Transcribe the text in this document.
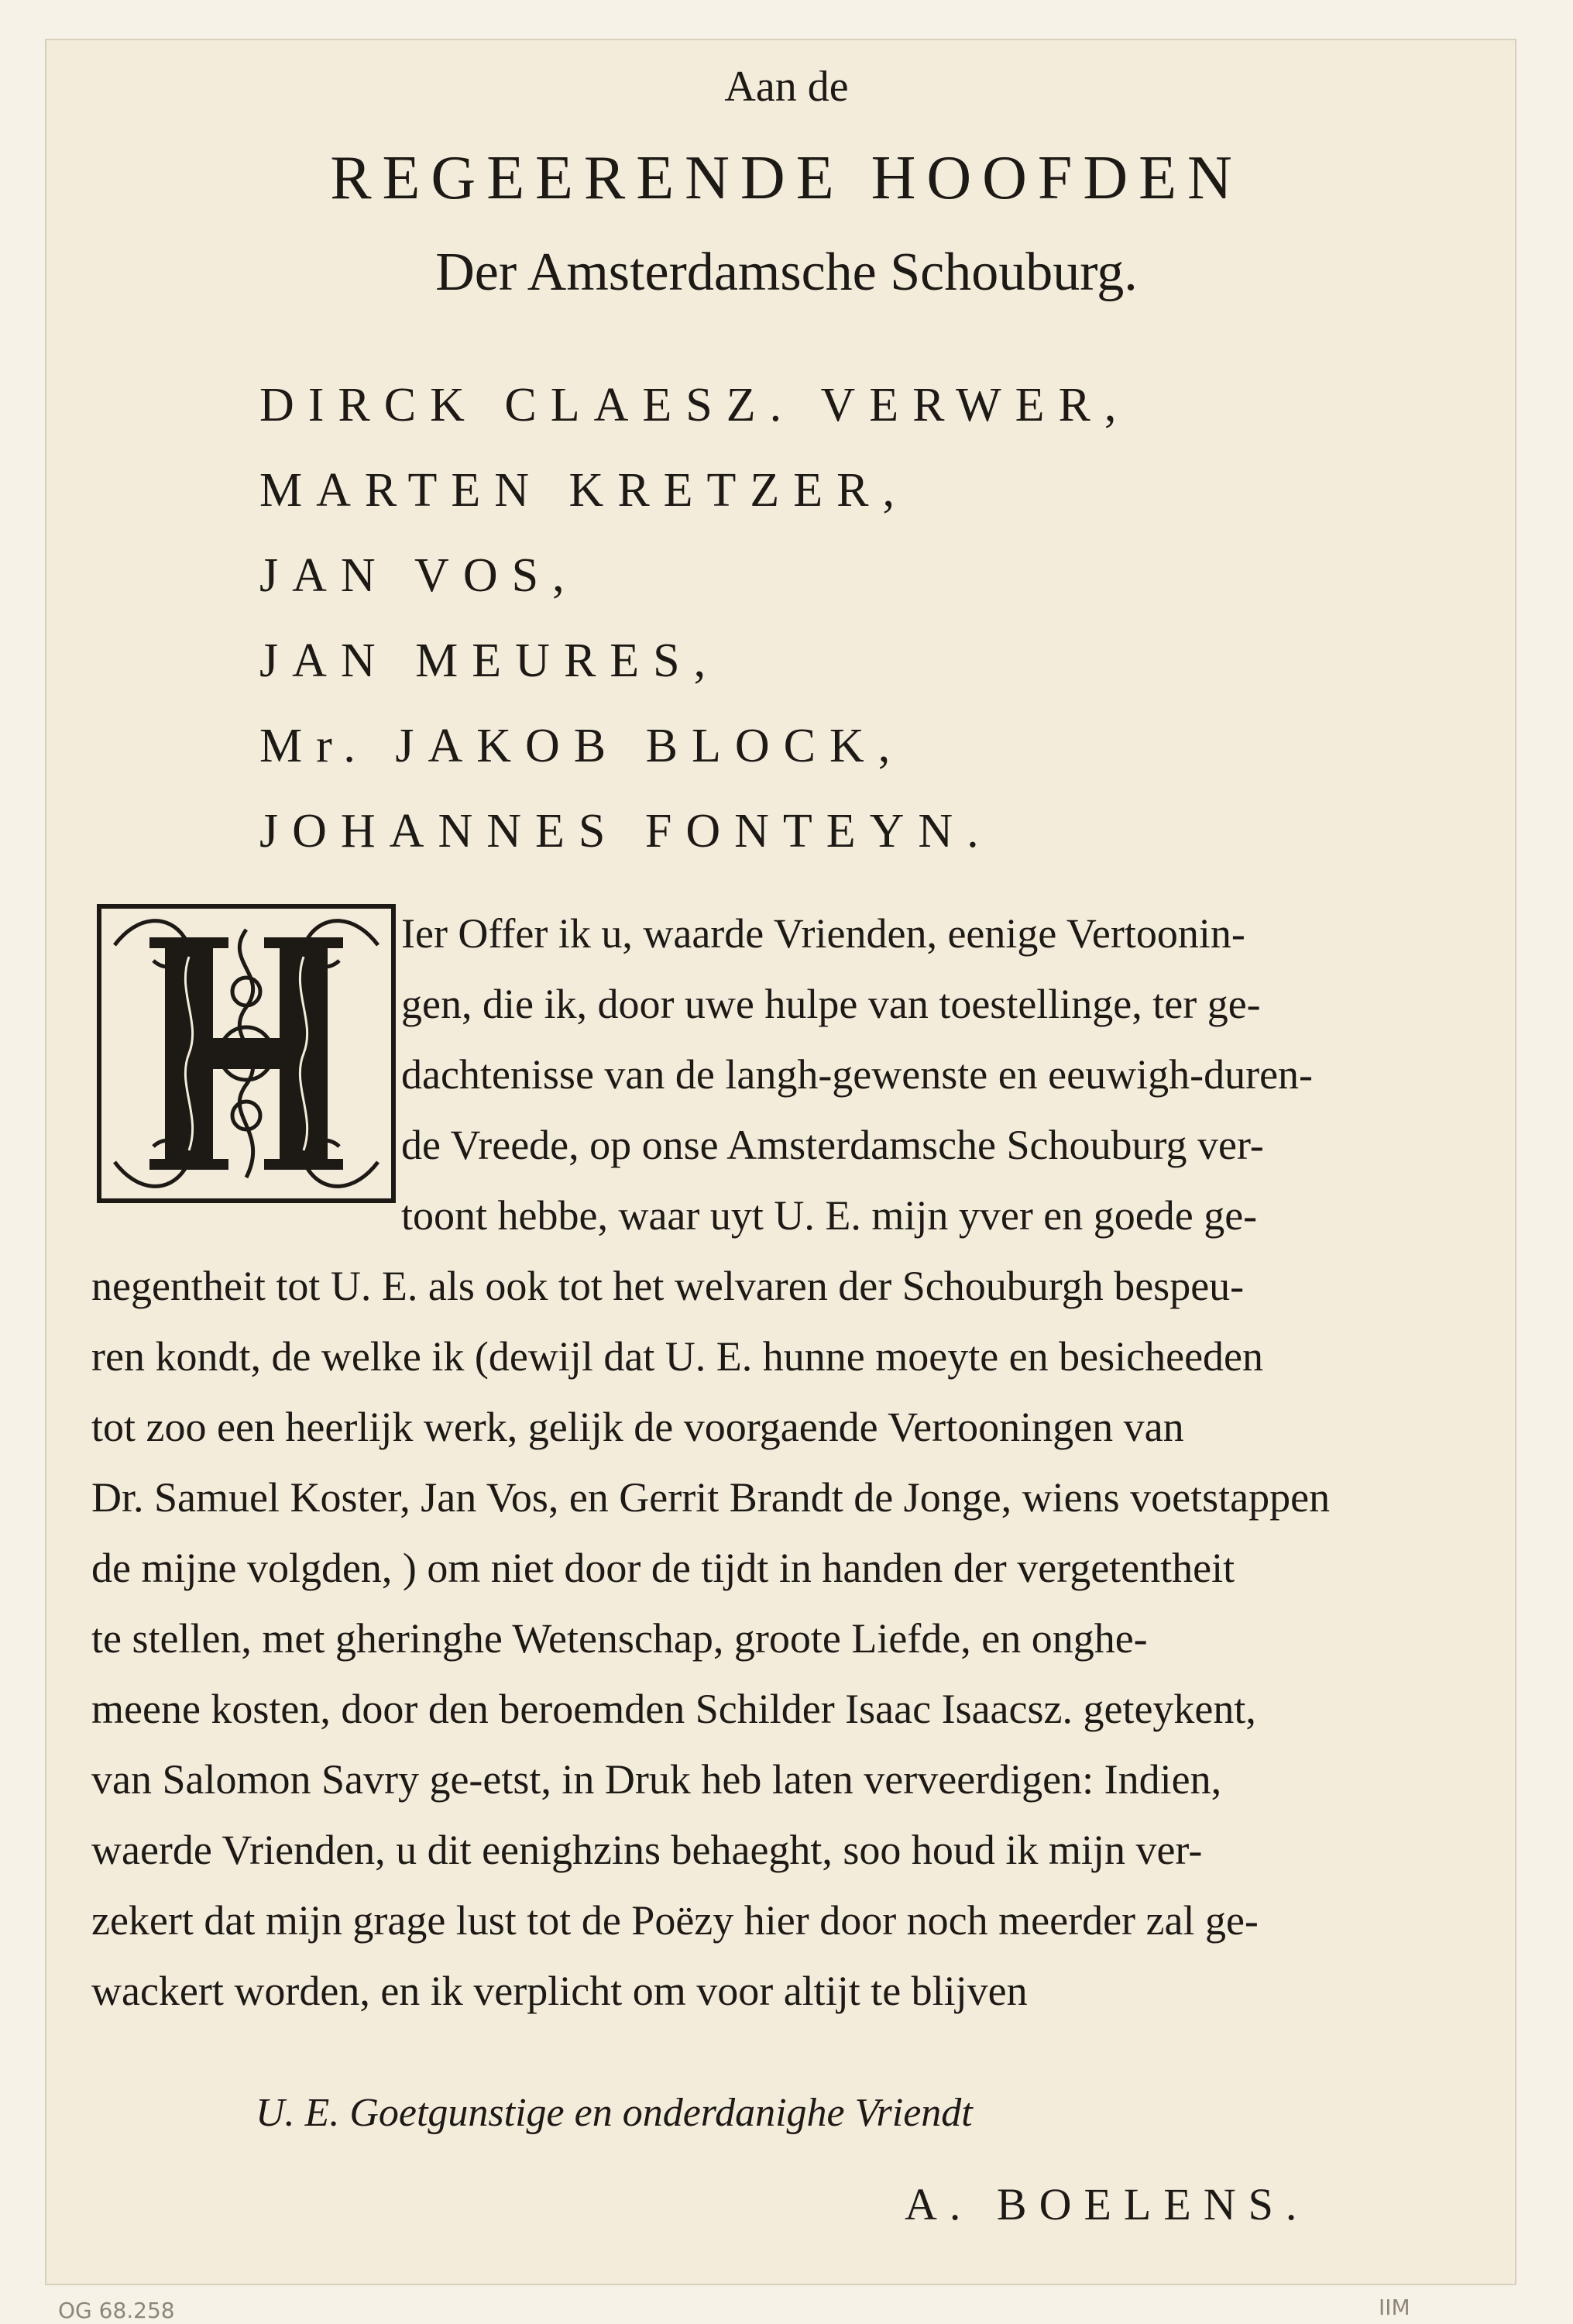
Aan de
REGEERENDE HOOFDEN
Der Amsterdamsche Schouburg.
DIRCK CLAESZ. VERWER,
MARTEN KRETZER,
JAN VOS,
JAN MEURES,
Mr. JAKOB BLOCK,
JOHANNES FONTEYN.
Ier Offer ik u, waarde Vrienden, eenige Vertoonin-
gen, die ik, door uwe hulpe van toestellinge, ter ge-
dachtenisse van de langh-gewenste en eeuwigh-duren-
de Vreede, op onse Amsterdamsche Schouburg ver-
toont hebbe, waar uyt U. E. mijn yver en goede ge-
negentheit tot U. E. als ook tot het welvaren der Schouburgh bespeu-
ren kondt, de welke ik (dewijl dat U. E. hunne moeyte en besicheeden
tot zoo een heerlijk werk, gelijk de voorgaende Vertooningen van
Dr. Samuel Koster, Jan Vos, en Gerrit Brandt de Jonge, wiens voetstappen
de mijne volgden, ) om niet door de tijdt in handen der vergetentheit
te stellen, met gheringhe Wetenschap, groote Liefde, en onghe-
meene kosten, door den beroemden Schilder Isaac Isaacsz. geteykent,
van Salomon Savry ge-etst, in Druk heb laten verveerdigen: Indien,
waerde Vrienden, u dit eenighzins behaeght, soo houd ik mijn ver-
zekert dat mijn grage lust tot de Poëzy hier door noch meerder zal ge-
wackert worden, en ik verplicht om voor altijt te blijven
U. E. Goetgunstige en onderdanighe Vriendt
A. BOELENS.
OG 68.258	IIM
